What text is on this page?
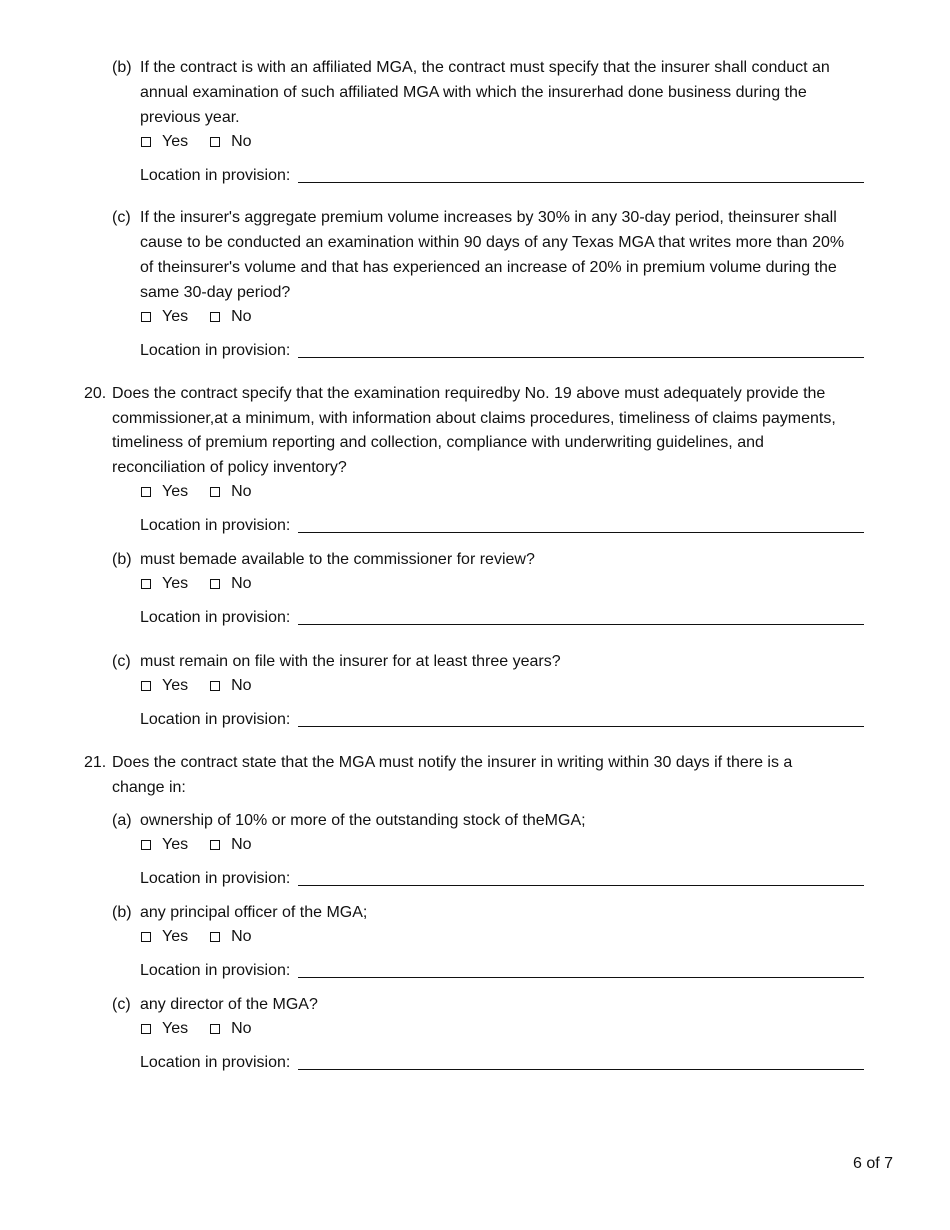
(b) If the contract is with an affiliated MGA, the contract must specify that the insurer shall conduct an
annual examination of such affiliated MGA with which the insurerhad done business during the
previous year.
Yes	No
Location in provision:
(c) If the insurer's aggregate premium volume increases by 30% in any 30-day period, theinsurer shall
cause to be conducted an examination within 90 days of any Texas MGA that writes more than 20%
of theinsurer's volume and that has experienced an increase of 20% in premium volume during the
same 30-day period?
Yes	No
Location in provision:
20. Does the contract specify that the examination requiredby No. 19 above must adequately provide the
commissioner,at a minimum, with information about claims procedures, timeliness of claims payments,
timeliness of premium reporting and collection, compliance with underwriting guidelines, and
reconciliation of policy inventory?
Yes	No
Location in provision:
(b) must bemade available to the commissioner for review?
Yes	No
Location in provision:
(c) must remain on file with the insurer for at least three years?
Yes	No
Location in provision:
21. Does the contract state that the MGA must notify the insurer in writing within 30 days if there is a
change in:
(a) ownership of 10% or more of the outstanding stock of theMGA;
Yes	No
Location in provision:
(b) any principal officer of the MGA;
Yes	No
Location in provision:
(c) any director of the MGA?
Yes	No
Location in provision:
6 of 7
